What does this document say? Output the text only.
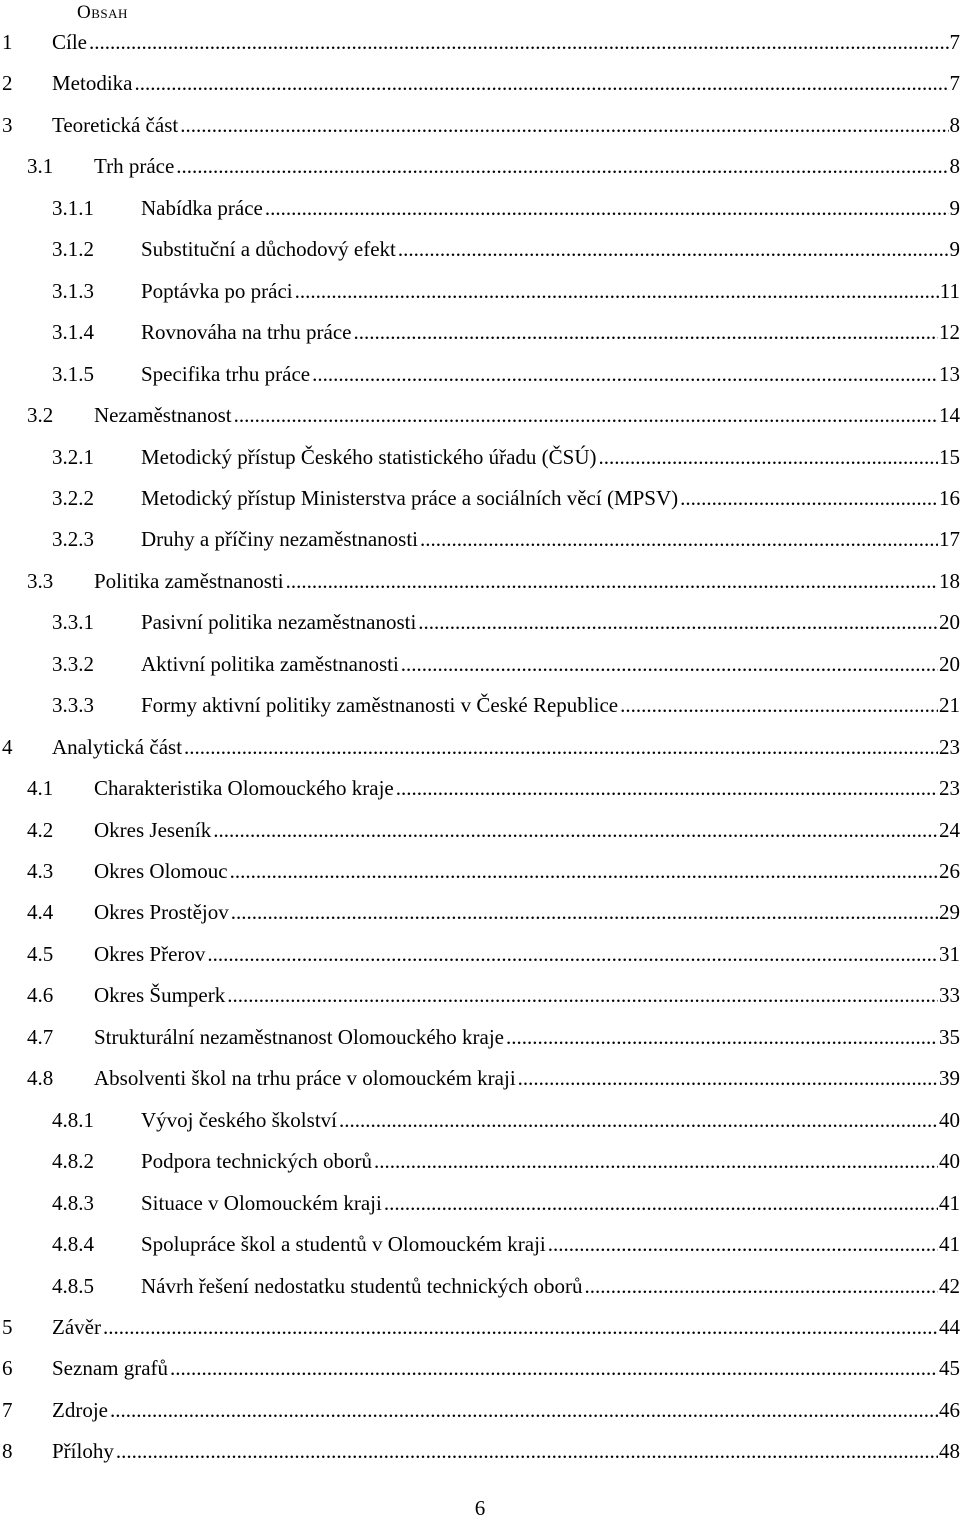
Obsah
1 Cíle .....	7
2 Metodika .....	7
3 Teoretická část .....	8
3.1 Trh práce .....	8
3.1.1 Nabídka práce .....	9
3.1.2 Substituční a důchodový efekt .....	9
3.1.3 Poptávka po práci .....	11
3.1.4 Rovnováha na trhu práce .....	12
3.1.5 Specifika trhu práce .....	13
3.2 Nezaměstnanost .....	14
3.2.1 Metodický přístup Českého statistického úřadu (ČSÚ) .....	15
3.2.2 Metodický přístup Ministerstva práce a sociálních věcí (MPSV) .....	16
3.2.3 Druhy a příčiny nezaměstnanosti .....	17
3.3 Politika zaměstnanosti .....	18
3.3.1 Pasivní politika nezaměstnanosti .....	20
3.3.2 Aktivní politika zaměstnanosti .....	20
3.3.3 Formy aktivní politiky zaměstnanosti v České Republice .....	21
4 Analytická část .....	23
4.1 Charakteristika Olomouckého kraje .....	23
4.2 Okres Jeseník .....	24
4.3 Okres Olomouc .....	26
4.4 Okres Prostějov .....	29
4.5 Okres Přerov .....	31
4.6 Okres Šumperk .....	33
4.7 Strukturální nezaměstnanost Olomouckého kraje .....	35
4.8 Absolventi škol na trhu práce v olomouckém kraji .....	39
4.8.1 Vývoj českého školství .....	40
4.8.2 Podpora technických oborů .....	40
4.8.3 Situace v Olomouckém kraji .....	41
4.8.4 Spolupráce škol a studentů v Olomouckém kraji .....	41
4.8.5 Návrh řešení nedostatku studentů technických oborů .....	42
5 Závěr .....	44
6 Seznam grafů .....	45
7 Zdroje .....	46
8 Přílohy .....	48
6
